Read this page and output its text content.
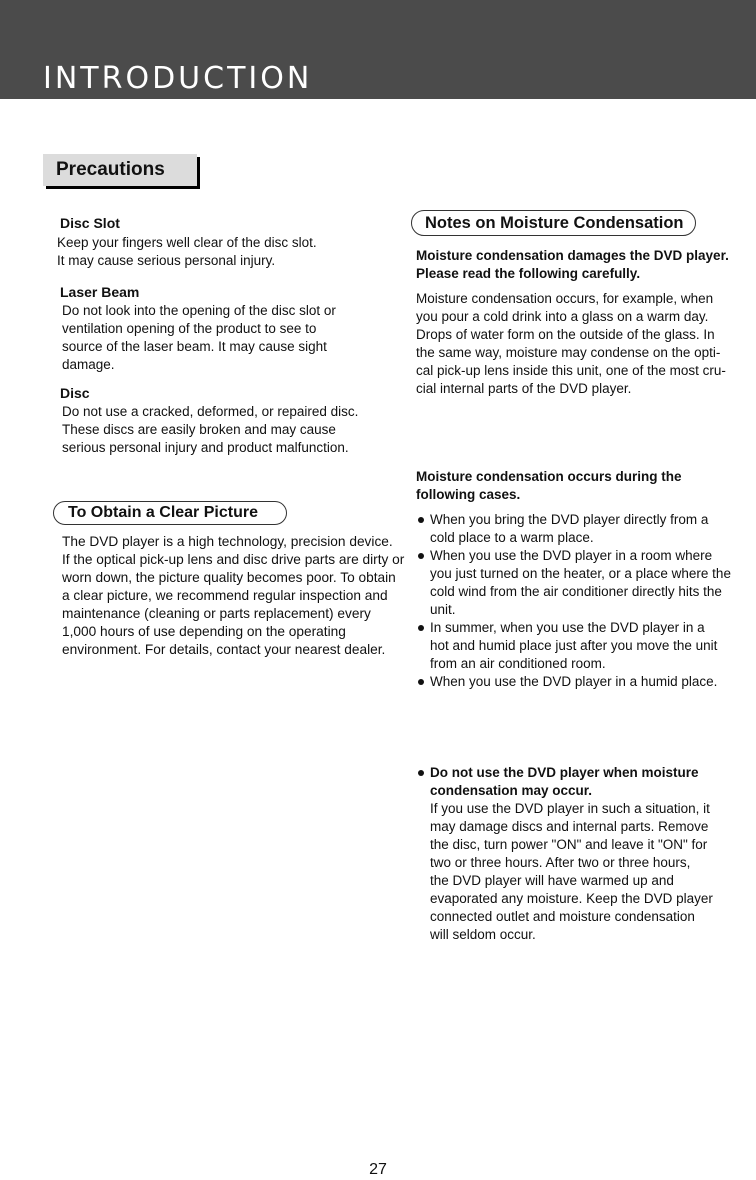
INTRODUCTION
Precautions
Disc Slot
Keep your fingers well clear of the disc slot.
It may cause serious personal injury.
Laser Beam
Do not look into the opening of the disc slot or
ventilation opening of the product to see to
source of the laser beam. It may cause sight
damage.
Disc
Do not use a cracked, deformed, or repaired disc.
These discs are easily broken and may cause
serious personal injury and product malfunction.
To Obtain a Clear Picture
The DVD player is a high technology, precision device.
If the optical pick-up lens and disc drive parts are dirty or
worn down, the picture quality becomes poor. To obtain
a clear picture, we recommend regular inspection and
maintenance (cleaning or parts replacement) every
1,000 hours of use depending on the operating
environment. For details, contact your nearest dealer.
Notes on Moisture Condensation
Moisture condensation damages the DVD player.
Please read the following carefully.
Moisture condensation occurs, for example, when
you pour a cold drink into a glass on a warm day.
Drops of water form on the outside of the glass. In
the same way, moisture may condense on the opti-
cal pick-up lens inside this unit, one of the most cru-
cial internal parts of the DVD player.
Moisture condensation occurs during the
following cases.
When you bring the DVD player directly from a
cold place to a warm place.
When you use the DVD player in a room where
you just turned on the heater, or a place where the
cold wind from the air conditioner directly hits the
unit.
In summer, when you use the DVD player in a
hot and humid place just after you move the unit
from an air conditioned room.
When you use the DVD player in a humid place.
Do not use the DVD player when moisture
condensation may occur.
If you use the DVD player in such a situation, it
may damage discs and internal parts. Remove
the disc, turn power "ON" and leave it "ON" for
two or three hours. After two or three hours,
the DVD player will have warmed up and
evaporated any moisture. Keep the DVD player
connected outlet and moisture condensation
will seldom occur.
27
